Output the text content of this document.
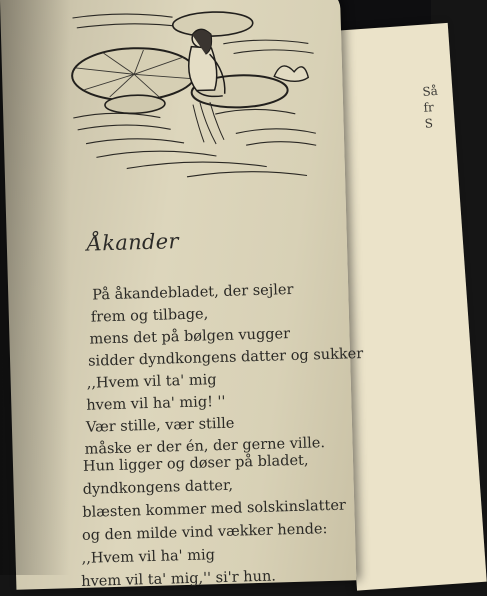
Så
fr
S
Åkander
På åkandebladet, der sejler
frem og tilbage,
mens det på bølgen vugger
sidder dyndkongens datter og sukker
,,Hvem vil ta' mig
hvem vil ha' mig! ''
Vær stille, vær stille
måske er der én, der gerne ville.
Hun ligger og døser på bladet,
dyndkongens datter,
blæsten kommer med solskinslatter
og den milde vind vækker hende:
,,Hvem vil ha' mig
hvem vil ta' mig,'' si'r hun.
